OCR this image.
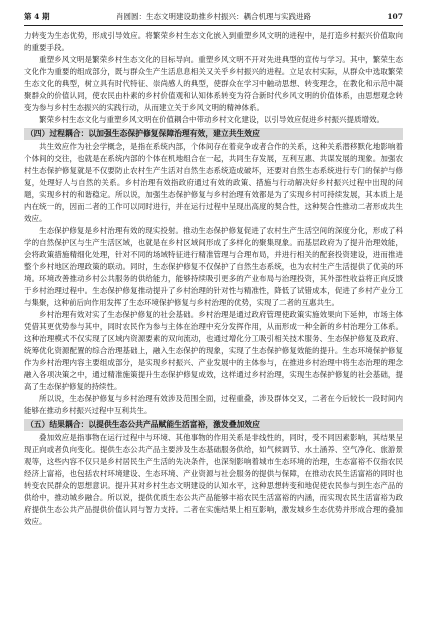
第 4 期	肖圆圆：生态文明建设助推乡村振兴：耦合机理与实践进路	107

力转变为生态优势，形成引导效应。将繁荣乡村生态文化嵌入到重塑乡风文明的进程中，是打造乡村振兴价值取向的重要手段。

重塑乡风文明是繁荣乡村生态文化的目标导向。重塑乡风文明不开对先进典型的宣传与学习。其中，繁荣生态文化作为重要的组成部分，既与群众生产生活息息相关又关乎乡村振兴的进程。立足农村实际，从群众中选取繁荣生态文化的典型，树立具有时代特征、崇尚感人的典型，使群众在学习中触动思想、转变理念，在教化和示范中凝聚群众的价值认同，使农民由朴素的乡村价值观和认知体系转变为符合新时代乡风文明的价值体系，由思想观念转变为参与乡村生态振兴的实践行动，从而建立关于乡风文明的精神体系。

繁荣乡村生态文化与重塑乡风文明在价值耦合中带动乡村文化建设，以引导效应促进乡村振兴提质增效。

（四）过程耦合：以加强生态保护修复保障治理有效，建立共生效应

共生效应作为社会学概念，是指在系统内部，个体间存在着竞争或者合作的关系，这种关系潜移默化地影响着个体间的交往，也就是在系统内部的个体在机地组合在一起，共同生存发展，互利互惠、共谋发展的现象。加强农村生态保护修复就是不仅要防止农村生产生活对自然生态系统造成破坏，还要对自然生态系统进行专门的保护与修复，处理好人与自然的关系。乡村治理有效指政府通过有效的政策、措施与行动解决好乡村振兴过程中出现的问题，实现乡村的和谐稳定。所以说，加强生态保护修复与乡村治理有效都是为了实现乡村可持续发展，其本质上是内在统一的，因而二者的工作可以同时进行，并在运行过程中呈现出高度的契合性，这种契合性推动二者形成共生效应。

生态保护修复是乡村治理有效的现实投射。推动生态保护修复促进了农村生产生活空间的深度分化，形成了科学的自然保护区与生产生活区域，也就是在乡村区域间形成了多样化的聚集现象。而基层政府为了提升治理效能，会将政策措施精细化处理，针对不同的场域特征进行精准管理与合理布局，并进行相关的配套投资建设，进而推进整个乡村地区治理政策的联动。同时，生态保护修复不仅保护了自然生态系统，也为农村生产生活提供了优美的环境。环境改善推动乡村公共服务的供给能力，能够持续吸引更多的产业布局与治理投资，其外部性收益将正向反馈于乡村治理过程中。生态保护修复推动提升了乡村治理的针对性与精准性，降低了试错成本，促进了乡村产业分工与集聚，这种前后向作用发挥了生态环境保护修复与乡村治理的优势，实现了二者的互惠共生。

乡村治理有效对实了生态保护修复的社会基础。乡村治理是通过政府管理使政策实施效果向下延伸，市场主体凭借其更优势参与其中，同时农民作为参与主体在治理中充分发挥作用，从而形成一种全新的乡村治理分工体系。这种治理模式不仅实现了区域内资源要素的双向流动，也通过增化分工吸引相关技术服务、生态保护修复及政府、统筹优化资源配置的综合治理基础上，融入生态保护的现象，实现了生态保护修复效能的提升。生态环境保护修复作为乡村治理内容主要组成部分，是实现乡村振兴、产业发展中的主体参与，在推进乡村治理中将生态治理的理念融入各项决策之中，通过精准施策提升生态保护修复成效，这样通过乡村治理，实现生态保护修复的社会基础，提高了生态保护修复的持续性。

所以说，生态保护修复与乡村治理有效涉及范围全面，过程重叠，涉及群体交叉，二者在今后较长一段时间内能够在推动乡村振兴过程中互利共生。

（五）结果耦合：以提供生态公共产品赋能生活富裕，激发叠加效应

叠加效应是指事物在运行过程中与环境、其他事物的作用关系是非线性的，同时，受不同因素影响，其结果呈现正向或者负向变化。提供生态公共产品主要涉及生态基础服务供给，如气候调节、水土涵养、空气净化、旅游景观等，这些内容不仅只是乡村居民生产生活的先决条件，也深刻影响着城市生态环境的治理，生态富裕不仅指农民经济上富裕，也包括农村环境建设、生态环境、产业资源与社会服务的提供与保障，在推动农民生活富裕的同时也转变农民群众的思想意识。提升其对乡村生态文明建设的认知水平，这种思想转变和地促使农民参与到生态产品的供给中，推动城乡融合。所以说，提供优质生态公共产品能够丰裕农民生活富裕的内涵，而实现农民生活富裕为政府提供生态公共产品提供价值认同与智力支持。二者在实施结果上相互影响，激发城乡生态优势并形成合理的叠加效应。
